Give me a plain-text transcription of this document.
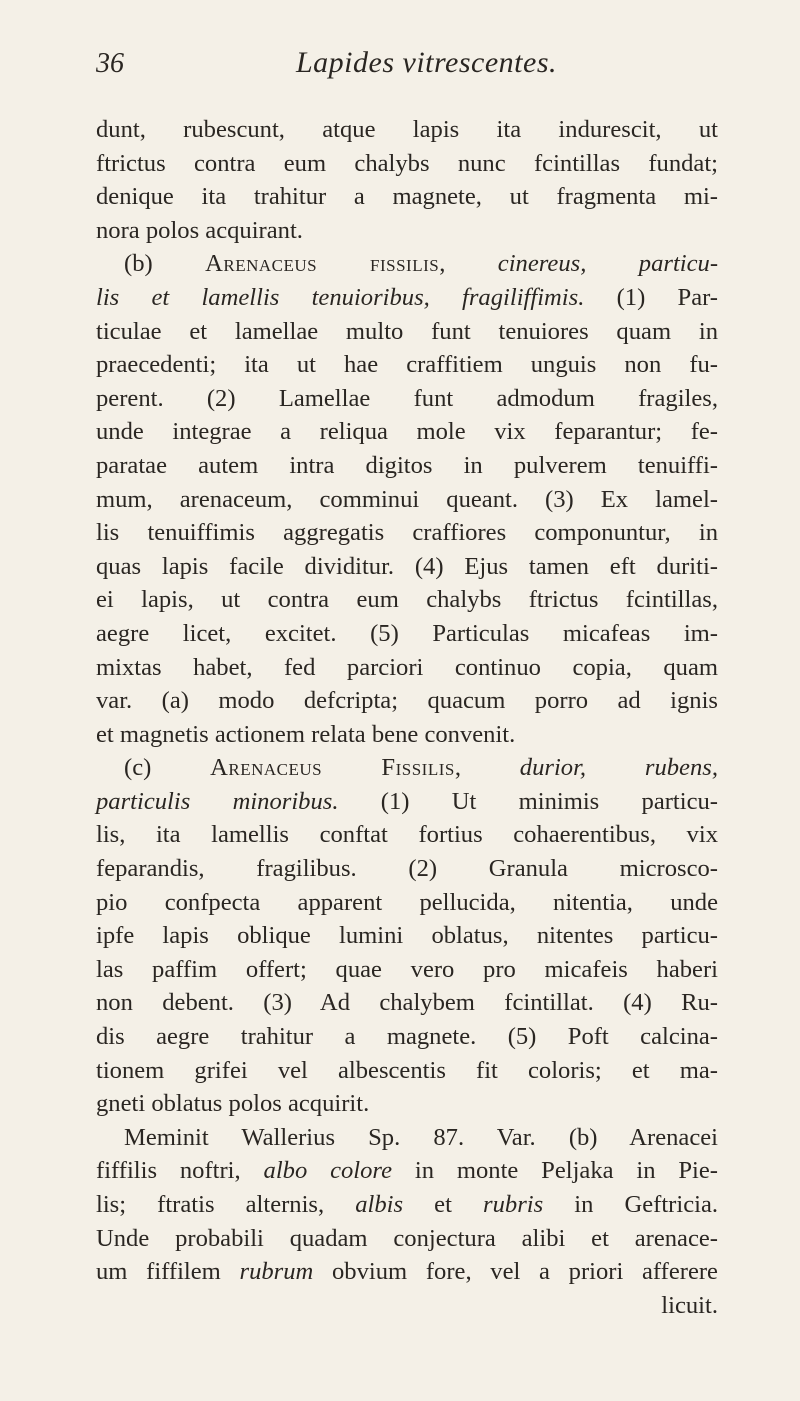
36	Lapides vitrescentes.
dunt, rubescunt, atque lapis ita indurescit, ut
ftrictus contra eum chalybs nunc fcintillas fundat;
denique ita trahitur a magnete, ut fragmenta mi-
nora polos acquirant.
(b) Arenaceus fissilis, cinereus, particu-
lis et lamellis tenuioribus, fragiliffimis. (1) Par-
ticulae et lamellae multo funt tenuiores quam in
praecedenti; ita ut hae craffitiem unguis non fu-
perent. (2) Lamellae funt admodum fragiles,
unde integrae a reliqua mole vix feparantur; fe-
paratae autem intra digitos in pulverem tenuiffi-
mum, arenaceum, comminui queant. (3) Ex lamel-
lis tenuiffimis aggregatis craffiores componuntur, in
quas lapis facile dividitur. (4) Ejus tamen eft duriti-
ei lapis, ut contra eum chalybs ftrictus fcintillas,
aegre licet, excitet. (5) Particulas micafeas im-
mixtas habet, fed parciori continuo copia, quam
var. (a) modo defcripta; quacum porro ad ignis
et magnetis actionem relata bene convenit.
(c) Arenaceus Fissilis, durior, rubens,
particulis minoribus. (1) Ut minimis particu-
lis, ita lamellis conftat fortius cohaerentibus, vix
feparandis, fragilibus. (2) Granula microsco-
pio confpecta apparent pellucida, nitentia, unde
ipfe lapis oblique lumini oblatus, nitentes particu-
las paffim offert; quae vero pro micafeis haberi
non debent. (3) Ad chalybem fcintillat. (4) Ru-
dis aegre trahitur a magnete. (5) Poft calcina-
tionem grifei vel albescentis fit coloris; et ma-
gneti oblatus polos acquirit.
Meminit Wallerius Sp. 87. Var. (b) Arenacei
fiffilis noftri, albo colore in monte Peljaka in Pie-
lis; ftratis alternis, albis et rubris in Geftricia.
Unde probabili quadam conjectura alibi et arenace-
um fiffilem rubrum obvium fore, vel a priori afferere
licuit.
